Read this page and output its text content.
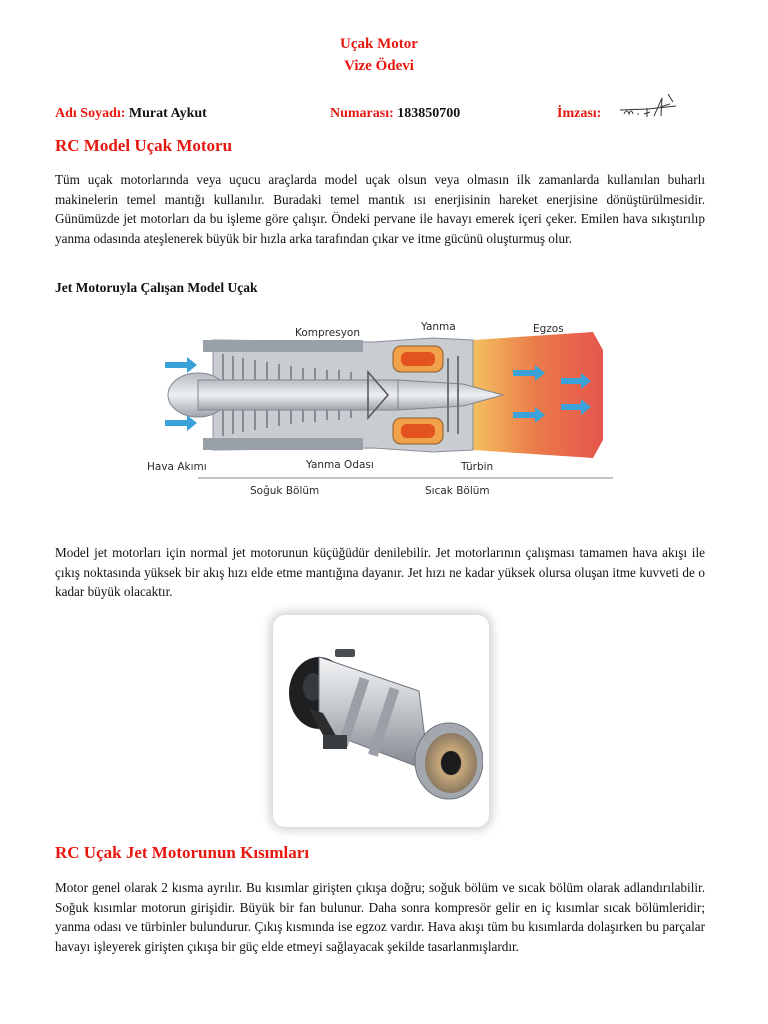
Uçak Motor
Vize Ödevi
Adı Soyadı: Murat Aykut	Numarası: 183850700	İmzası:
RC Model Uçak Motoru

Tüm uçak motorlarında veya uçucu araçlarda model uçak olsun veya olmasın ilk zamanlarda kullanılan buharlı makinelerin temel mantığı kullanılır. Buradaki temel mantık ısı enerjisinin hareket enerjisine dönüştürülmesidir. Günümüzde jet motorları da bu işleme göre çalışır. Öndeki pervane ile havayı emerek içeri çeker. Emilen hava sıkıştırılıp yanma odasında ateşlenerek büyük bir hızla arka tarafından çıkar ve itme gücünü oluşturmuş olur.

Jet Motoruyla Çalışan Model Uçak

Kompresyon	Yanma	Egzos
Hava Akımı	Yanma Odası	Türbin
Soğuk Bölüm	Sıcak Bölüm

Model jet motorları için normal jet motorunun küçüğüdür denilebilir. Jet motorlarının çalışması tamamen hava akışı ile çıkış noktasında yüksek bir akış hızı elde etme mantığına dayanır. Jet hızı ne kadar yüksek olursa oluşan itme kuvveti de o kadar büyük olacaktır.

RC Uçak Jet Motorunun Kısımları

Motor genel olarak 2 kısma ayrılır. Bu kısımlar girişten çıkışa doğru; soğuk bölüm ve sıcak bölüm olarak adlandırılabilir. Soğuk kısımlar motorun girişidir. Büyük bir fan bulunur. Daha sonra kompresör gelir en iç kısımlar sıcak bölümleridir; yanma odası ve türbinler bulundurur. Çıkış kısmında ise egzoz vardır. Hava akışı tüm bu kısımlarda dolaşırken bu parçalar havayı işleyerek girişten çıkışa bir güç elde etmeyi sağlayacak şekilde tasarlanmışlardır.
